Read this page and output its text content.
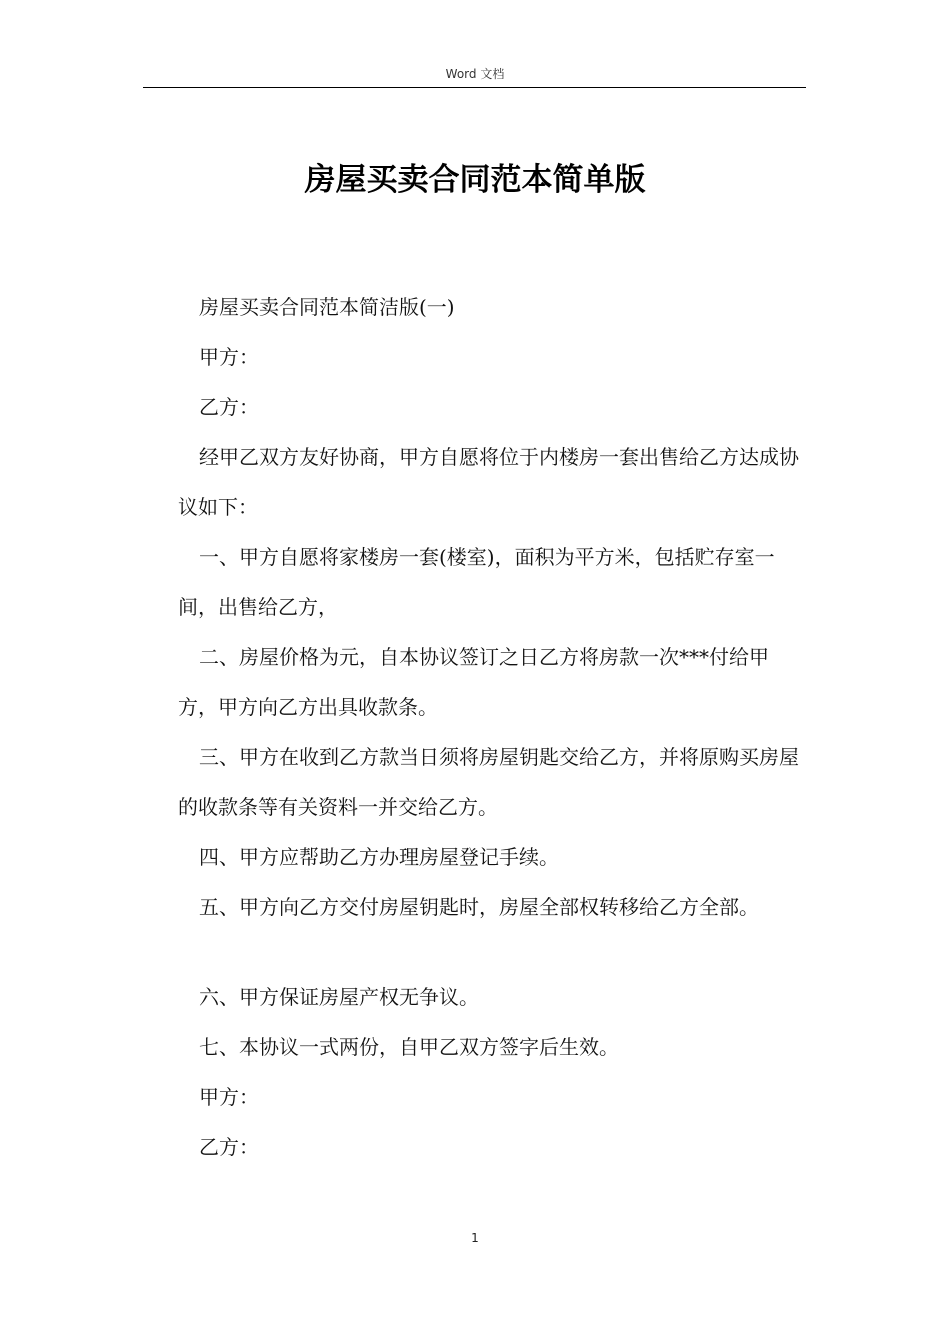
Word 文档
房屋买卖合同范本简单版

房屋买卖合同范本简洁版(一)

甲方：

乙方：

经甲乙双方友好协商，甲方自愿将位于内楼房一套出售给乙方达成协议如下：

一、甲方自愿将家楼房一套(楼室)，面积为平方米，包括贮存室一间，出售给乙方，

二、房屋价格为元，自本协议签订之日乙方将房款一次***付给甲方，甲方向乙方出具收款条。

三、甲方在收到乙方款当日须将房屋钥匙交给乙方，并将原购买房屋的收款条等有关资料一并交给乙方。

四、甲方应帮助乙方办理房屋登记手续。

五、甲方向乙方交付房屋钥匙时，房屋全部权转移给乙方全部。

六、甲方保证房屋产权无争议。

七、本协议一式两份，自甲乙双方签字后生效。

甲方：

乙方：

1
